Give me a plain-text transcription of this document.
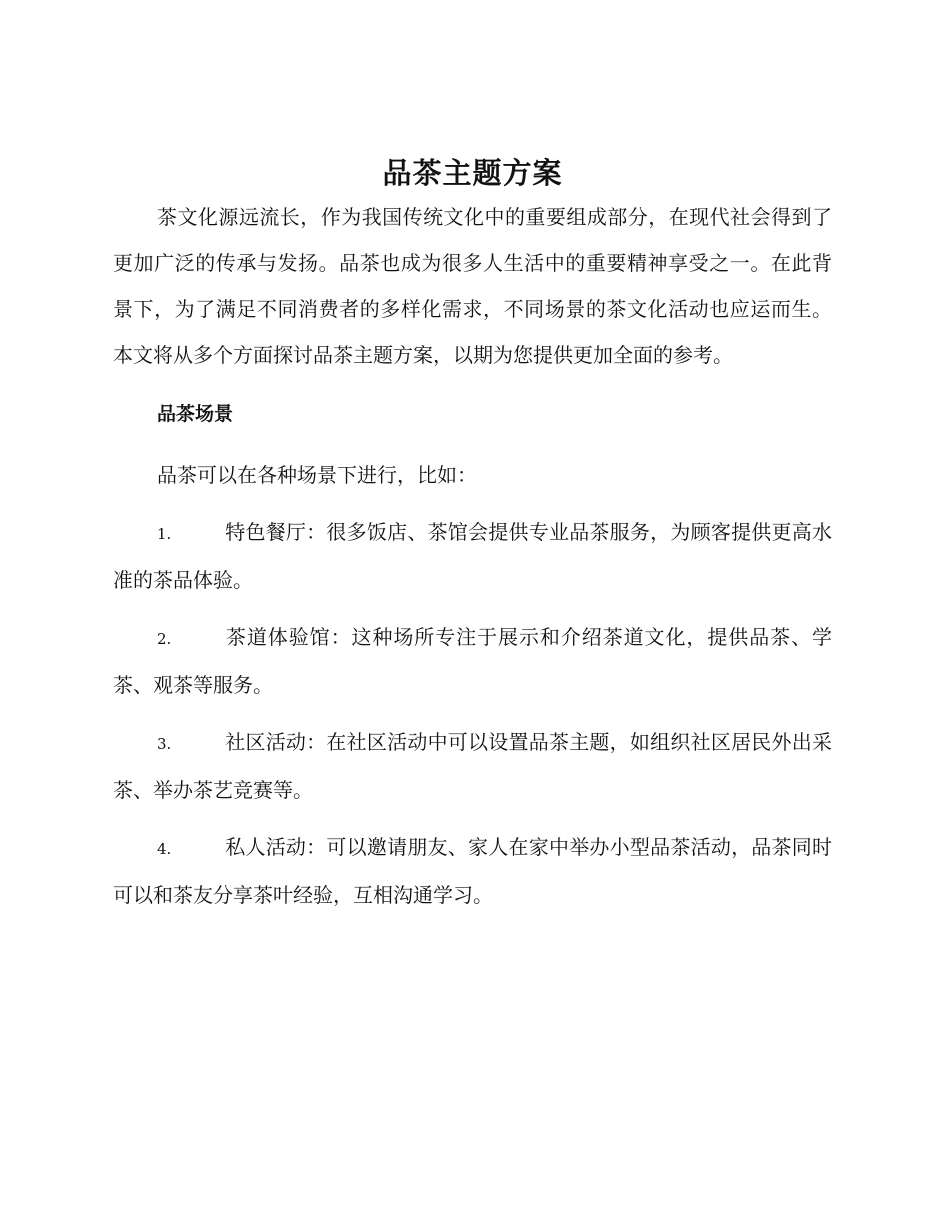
品茶主题方案

茶文化源远流长，作为我国传统文化中的重要组成部分，在现代社会得到了更加广泛的传承与发扬。品茶也成为很多人生活中的重要精神享受之一。在此背景下，为了满足不同消费者的多样化需求，不同场景的茶文化活动也应运而生。本文将从多个方面探讨品茶主题方案，以期为您提供更加全面的参考。

品茶场景

品茶可以在各种场景下进行，比如：

1.	特色餐厅：很多饭店、茶馆会提供专业品茶服务，为顾客提供更高水准的茶品体验。

2.	茶道体验馆：这种场所专注于展示和介绍茶道文化，提供品茶、学茶、观茶等服务。

3.	社区活动：在社区活动中可以设置品茶主题，如组织社区居民外出采茶、举办茶艺竞赛等。

4.	私人活动：可以邀请朋友、家人在家中举办小型品茶活动，品茶同时可以和茶友分享茶叶经验，互相沟通学习。
